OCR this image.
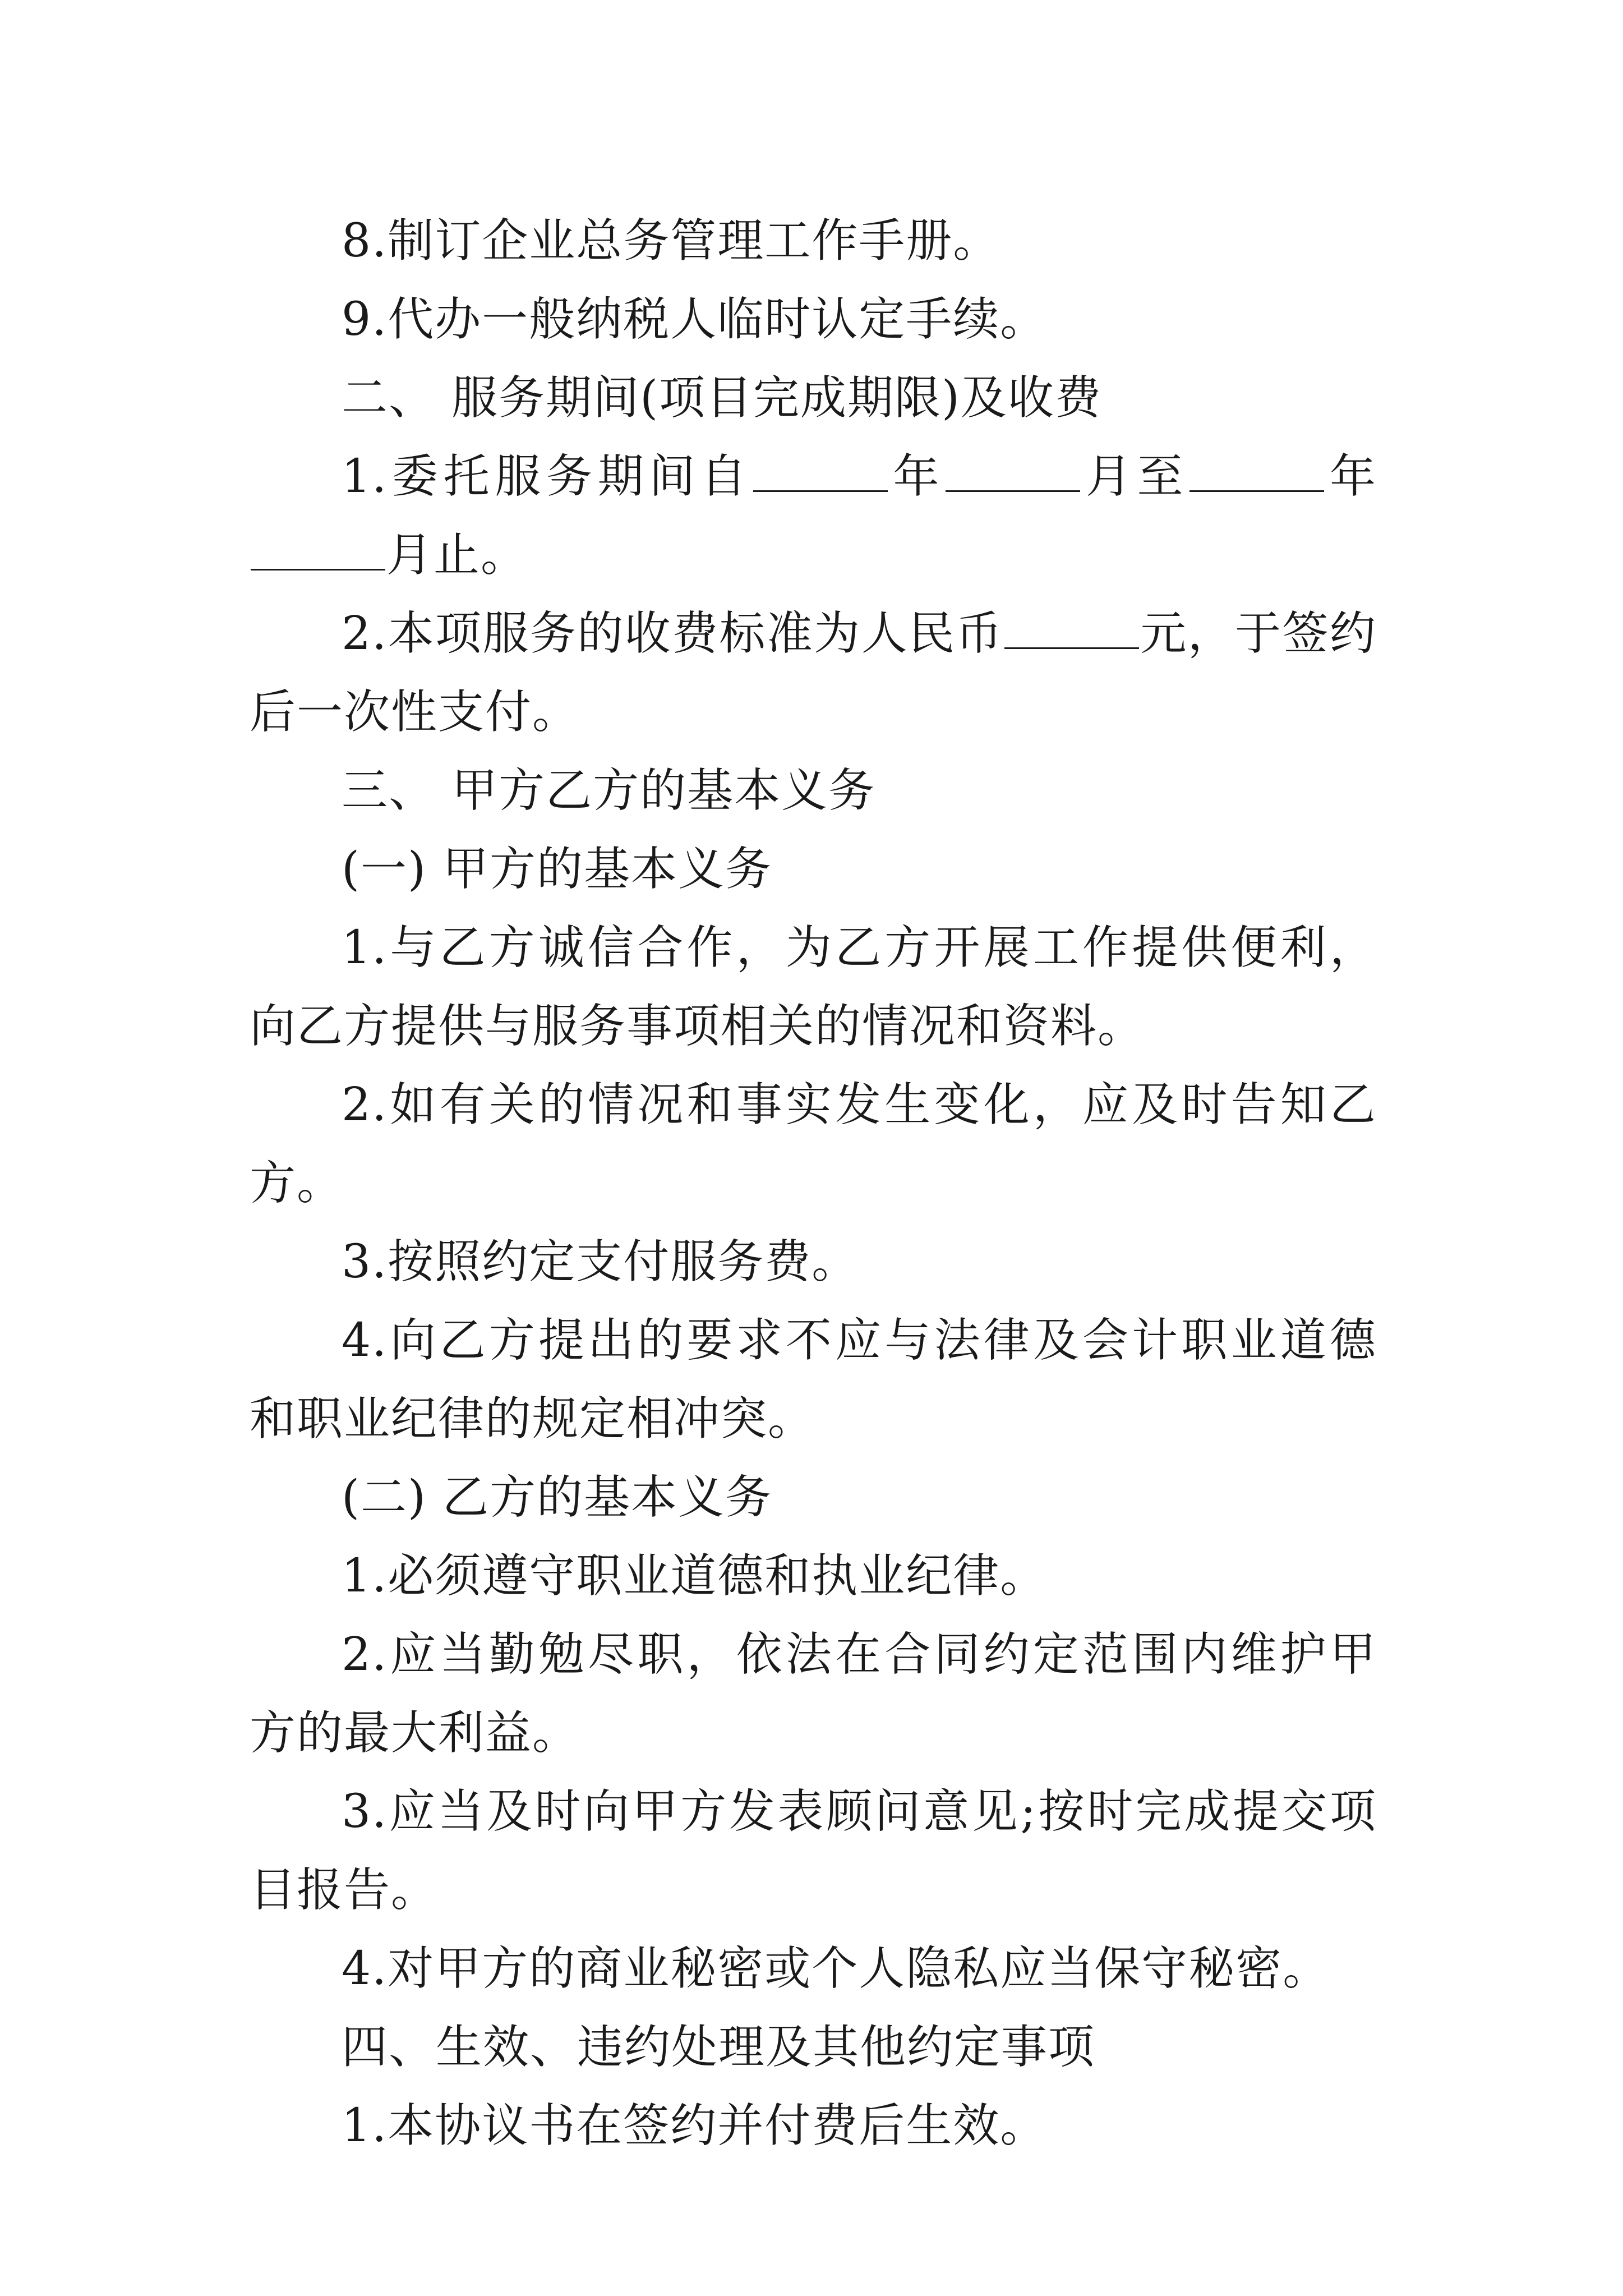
8.制订企业总务管理工作手册。

9.代办一般纳税人临时认定手续。

二、 服务期间(项目完成期限)及收费

1.委托服务期间自	年	月至	年月止。

2.本项服务的收费标准为人民币	元，于签约后一次性支付。

三、 甲方乙方的基本义务

(一) 甲方的基本义务

1.与乙方诚信合作，为乙方开展工作提供便利，向乙方提供与服务事项相关的情况和资料。

2.如有关的情况和事实发生变化，应及时告知乙方。

3.按照约定支付服务费。

4.向乙方提出的要求不应与法律及会计职业道德和职业纪律的规定相冲突。

(二) 乙方的基本义务

1.必须遵守职业道德和执业纪律。

2.应当勤勉尽职，依法在合同约定范围内维护甲方的最大利益。

3.应当及时向甲方发表顾问意见;按时完成提交项目报告。

4.对甲方的商业秘密或个人隐私应当保守秘密。

四、生效、违约处理及其他约定事项

1.本协议书在签约并付费后生效。
